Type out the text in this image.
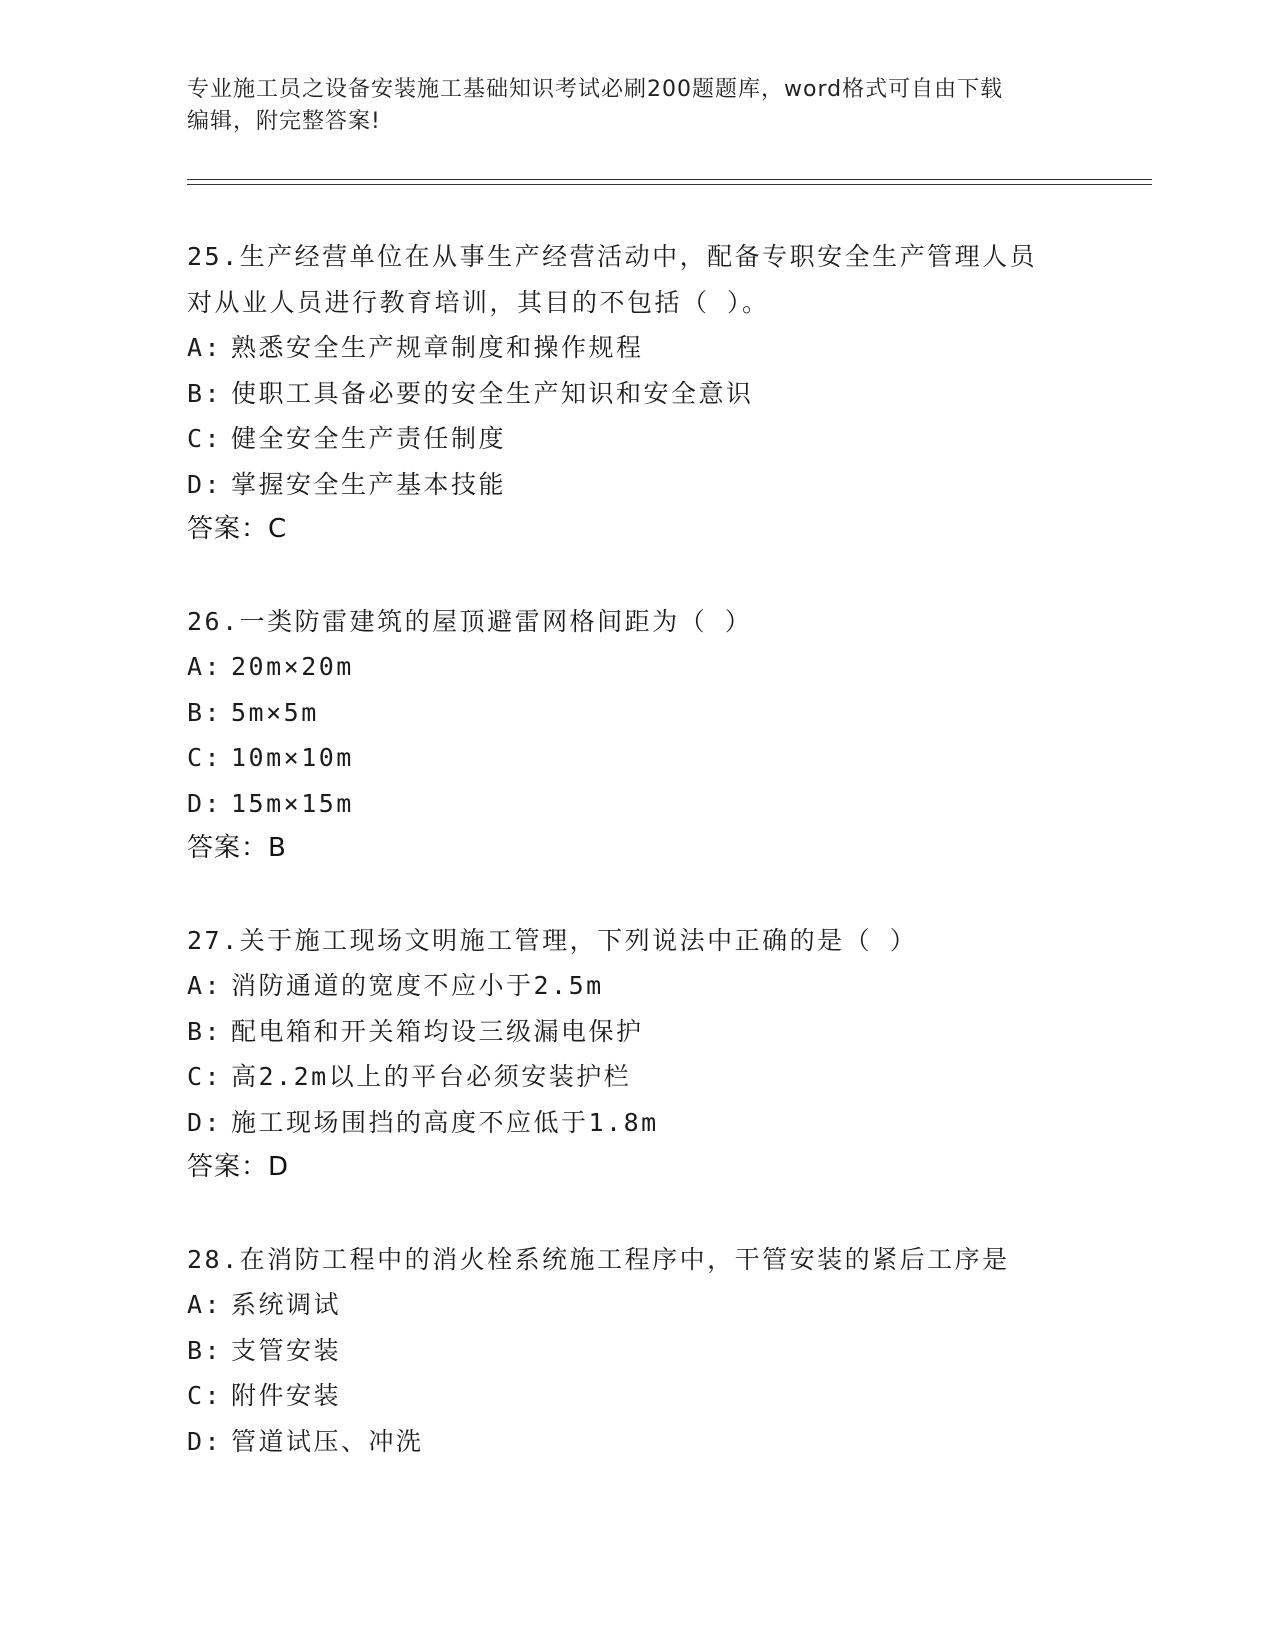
专业施工员之设备安装施工基础知识考试必刷200题题库，word格式可自由下载
编辑，附完整答案!
25.生产经营单位在从事生产经营活动中，配备专职安全生产管理人员
对从业人员进行教育培训，其目的不包括（ ）。
A: 熟悉安全生产规章制度和操作规程
B: 使职工具备必要的安全生产知识和安全意识
C: 健全安全生产责任制度
D: 掌握安全生产基本技能
答案：C
26.一类防雷建筑的屋顶避雷网格间距为（ ）
A: 20m×20m
B: 5m×5m
C: 10m×10m
D: 15m×15m
答案：B
27.关于施工现场文明施工管理，下列说法中正确的是（ ）
A: 消防通道的宽度不应小于2.5m
B: 配电箱和开关箱均设三级漏电保护
C: 高2.2m以上的平台必须安装护栏
D: 施工现场围挡的高度不应低于1.8m
答案：D
28.在消防工程中的消火栓系统施工程序中，干管安装的紧后工序是
A: 系统调试
B: 支管安装
C: 附件安装
D: 管道试压、冲洗
